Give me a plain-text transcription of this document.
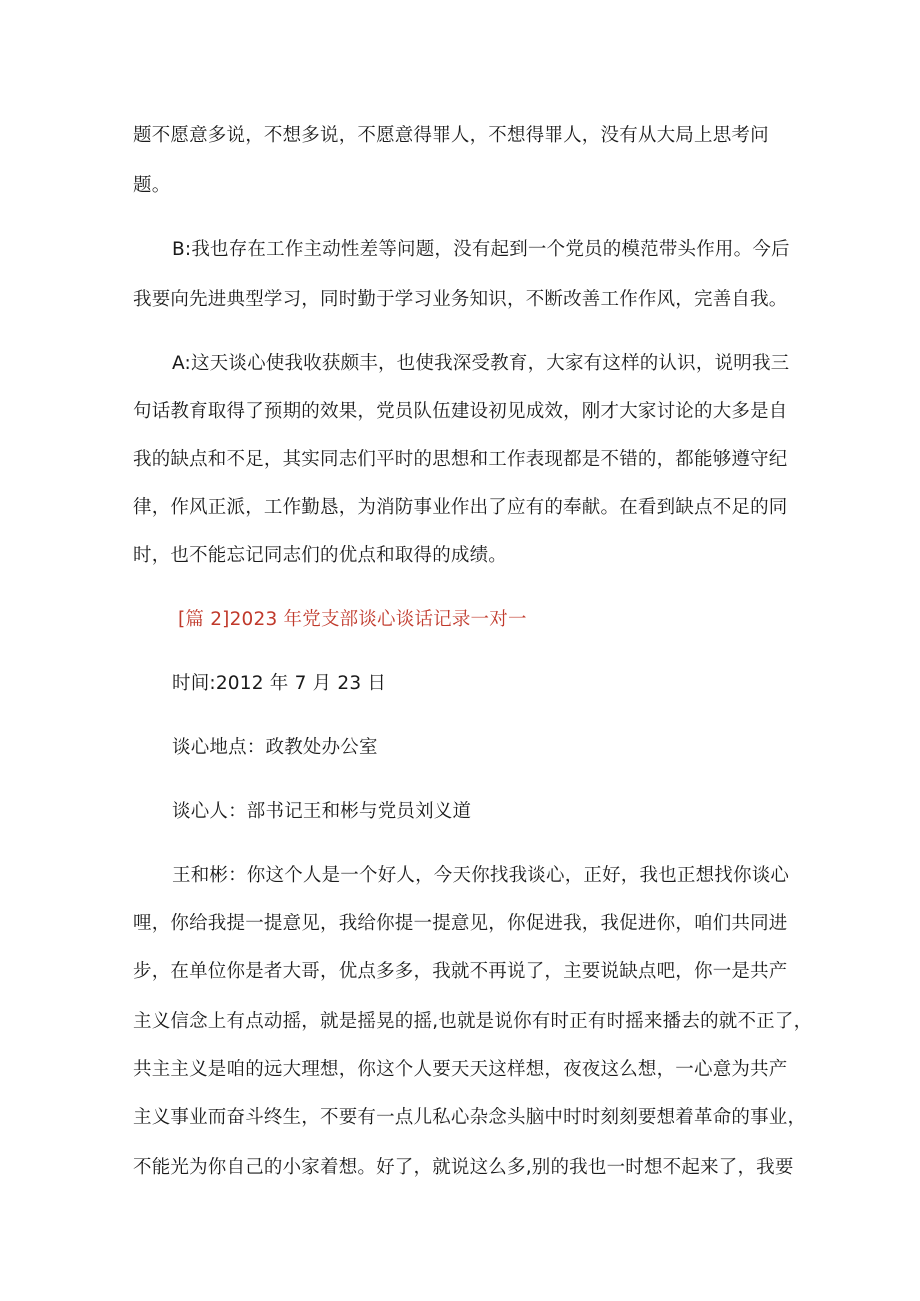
题不愿意多说，不想多说，不愿意得罪人，不想得罪人，没有从大局上思考问
题。
B:我也存在工作主动性差等问题，没有起到一个党员的模范带头作用。今后
我要向先进典型学习，同时勤于学习业务知识，不断改善工作作风，完善自我。
A:这天谈心使我收获颇丰，也使我深受教育，大家有这样的认识，说明我三
句话教育取得了预期的效果，党员队伍建设初见成效，刚才大家讨论的大多是自
我的缺点和不足，其实同志们平时的思想和工作表现都是不错的，都能够遵守纪
律，作风正派，工作勤恳，为消防事业作出了应有的奉献。在看到缺点不足的同
时，也不能忘记同志们的优点和取得的成绩。
[篇 2]2023 年党支部谈心谈话记录一对一
时间:2012 年 7 月 23 日
谈心地点：政教处办公室
谈心人：部书记王和彬与党员刘义道
王和彬：你这个人是一个好人，今天你找我谈心，正好，我也正想找你谈心
哩，你给我提一提意见，我给你提一提意见，你促进我，我促进你，咱们共同进
步，在单位你是者大哥，优点多多，我就不再说了，主要说缺点吧，你一是共产
主义信念上有点动摇，就是摇晃的摇,也就是说你有时正有时摇来播去的就不正了，
共主主义是咱的远大理想，你这个人要天天这样想，夜夜这么想，一心意为共产
主义事业而奋斗终生，不要有一点儿私心杂念头脑中时时刻刻要想着革命的事业，
不能光为你自己的小家着想。好了，就说这么多,别的我也一时想不起来了，我要
